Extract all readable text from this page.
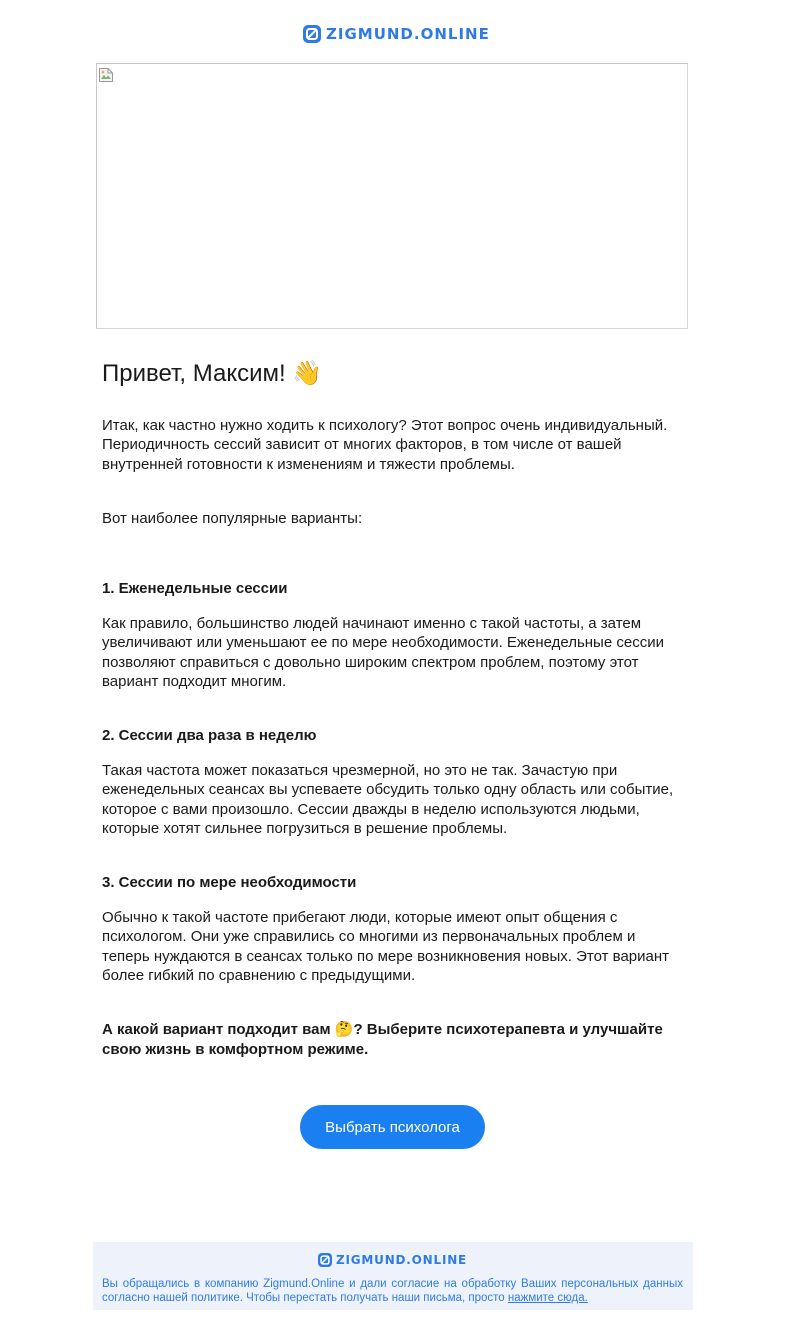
ZIGMUND.ONLINE
Привет, Максим! 👋

Итак, как частно нужно ходить к психологу? Этот вопрос очень индивидуальный. Периодичность сессий зависит от многих факторов, в том числе от вашей внутренней готовности к изменениям и тяжести проблемы.

Вот наиболее популярные варианты:

1. Еженедельные сессии

Как правило, большинство людей начинают именно с такой частоты, а затем увеличивают или уменьшают ее по мере необходимости. Еженедельные сессии позволяют справиться с довольно широким спектром проблем, поэтому этот вариант подходит многим.

2. Сессии два раза в неделю

Такая частота может показаться чрезмерной, но это не так. Зачастую при еженедельных сеансах вы успеваете обсудить только одну область или событие, которое с вами произошло. Сессии дважды в неделю используются людьми, которые хотят сильнее погрузиться в решение проблемы.

3. Сессии по мере необходимости

Обычно к такой частоте прибегают люди, которые имеют опыт общения с психологом. Они уже справились со многими из первоначальных проблем и теперь нуждаются в сеансах только по мере возникновения новых. Этот вариант более гибкий по сравнению с предыдущими.

А какой вариант подходит вам 🤔? Выберите психотерапевта и улучшайте свою жизнь в комфортном режиме.

Выбрать психолога
ZIGMUND.ONLINE
Вы обращались в компанию Zigmund.Online и дали согласие на обработку Ваших персональных данных согласно нашей политике. Чтобы перестать получать наши письма, просто нажмите сюда.
